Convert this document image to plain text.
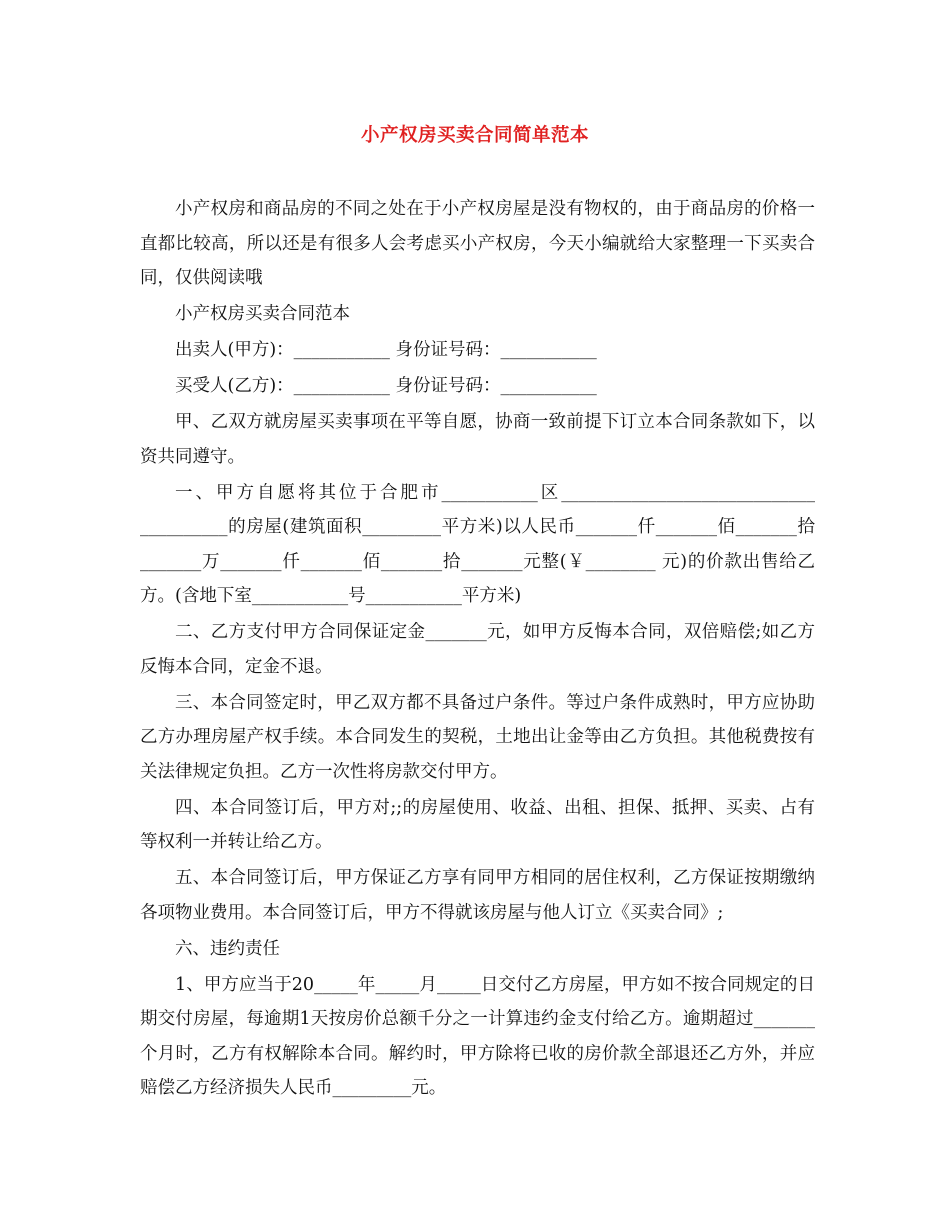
小产权房买卖合同简单范本

小产权房和商品房的不同之处在于小产权房屋是没有物权的，由于商品房的价格一直都比较高，所以还是有很多人会考虑买小产权房，今天小编就给大家整理一下买卖合同，仅供阅读哦

小产权房买卖合同范本

出卖人(甲方)：___________ 身份证号码：___________

买受人(乙方)：___________ 身份证号码：___________

甲、乙双方就房屋买卖事项在平等自愿，协商一致前提下订立本合同条款如下，以资共同遵守。

一、甲方自愿将其位于合肥市___________区_____________________________ __________的房屋(建筑面积_________平方米)以人民币_______仟_______佰_______拾_______万_______仟_______佰_______拾_______元整(￥________ 元)的价款出售给乙方。(含地下室___________号___________平方米)

二、乙方支付甲方合同保证定金_______元，如甲方反悔本合同，双倍赔偿;如乙方反悔本合同，定金不退。

三、本合同签定时，甲乙双方都不具备过户条件。等过户条件成熟时，甲方应协助乙方办理房屋产权手续。本合同发生的契税，土地出让金等由乙方负担。其他税费按有关法律规定负担。乙方一次性将房款交付甲方。

四、本合同签订后，甲方对;;的房屋使用、收益、出租、担保、抵押、买卖、占有等权利一并转让给乙方。

五、本合同签订后，甲方保证乙方享有同甲方相同的居住权利，乙方保证按期缴纳各项物业费用。本合同签订后，甲方不得就该房屋与他人订立《买卖合同》;

六、违约责任

1、甲方应当于20_____年_____月_____日交付乙方房屋，甲方如不按合同规定的日期交付房屋，每逾期1天按房价总额千分之一计算违约金支付给乙方。逾期超过_______个月时，乙方有权解除本合同。解约时，甲方除将已收的房价款全部退还乙方外，并应赔偿乙方经济损失人民币_________元。
